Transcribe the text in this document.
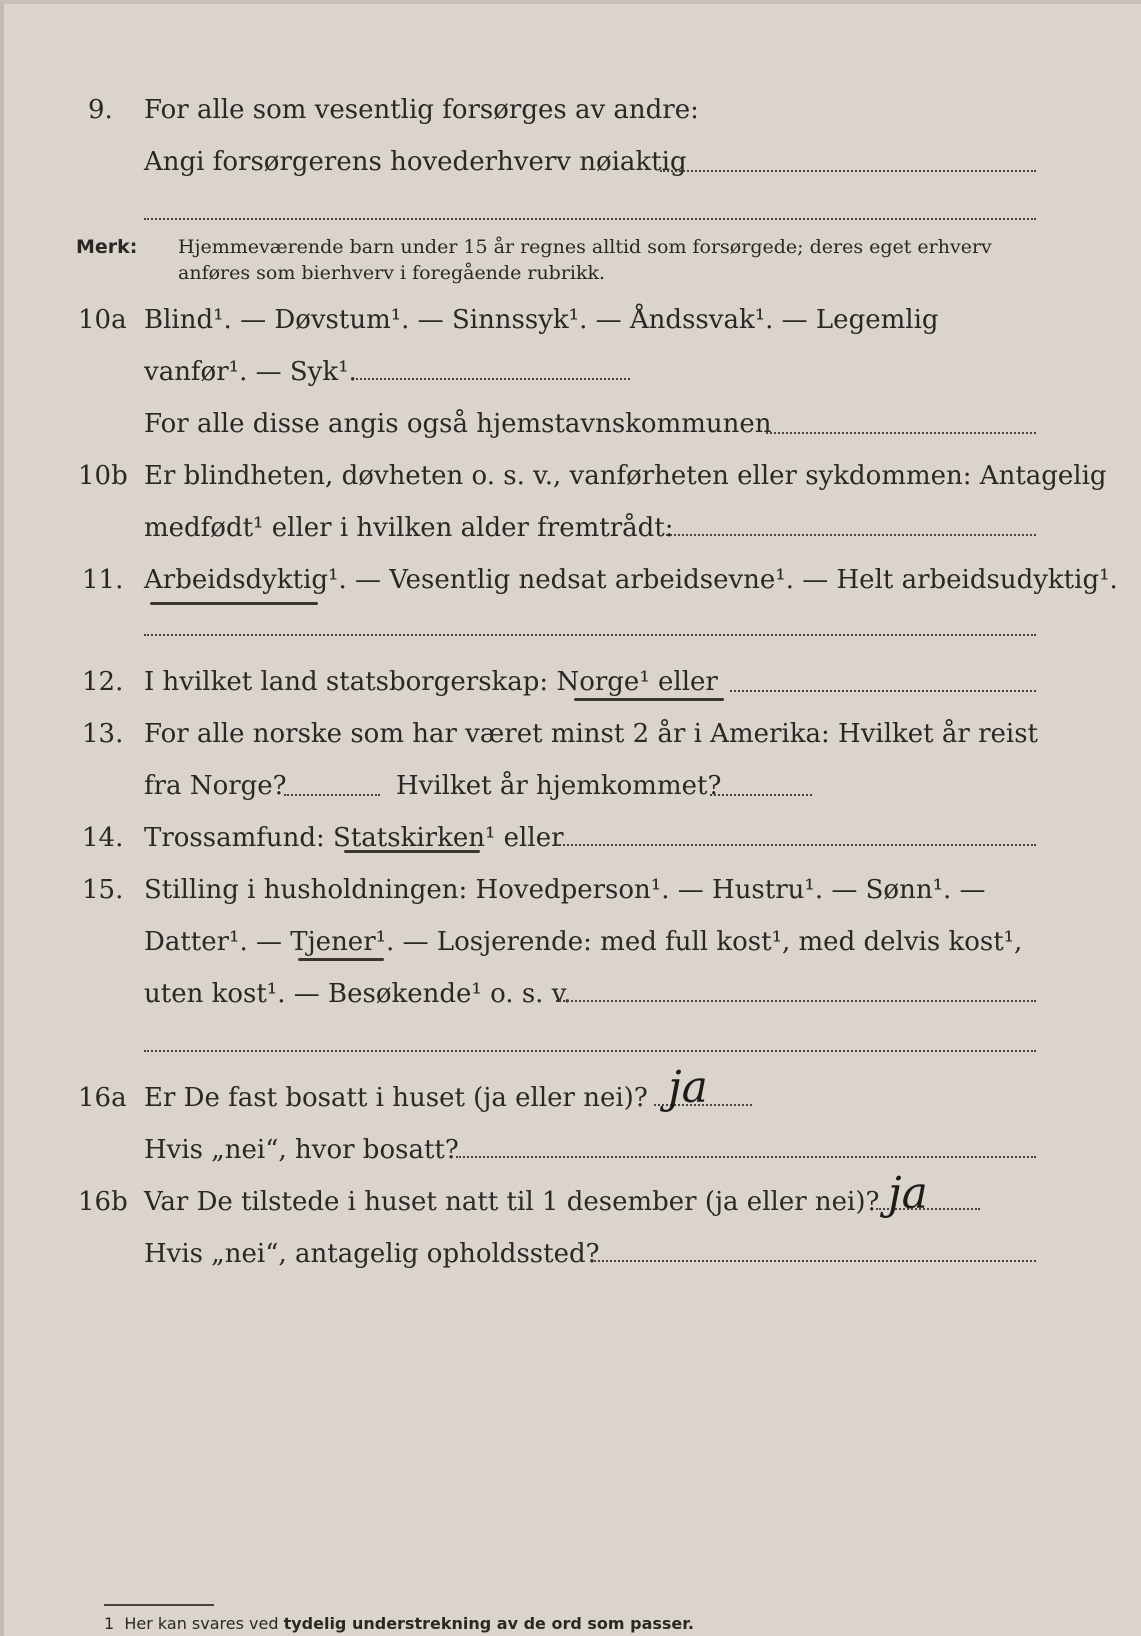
9. For alle som vesentlig forsørges av andre:
Angi forsørgerens hovederhverv nøiaktig
Merk: Hjemmeværende barn under 15 år regnes alltid som forsørgede; deres eget erhverv
anføres som bierhverv i foregående rubrikk.
10a Blind¹. — Døvstum¹. — Sinnssyk¹. — Åndssvak¹. — Legemlig
vanfør¹. — Syk¹.
For alle disse angis også hjemstavnskommunen
10b Er blindheten, døvheten o. s. v., vanførheten eller sykdommen: Antagelig
medfødt¹ eller i hvilken alder fremtrådt:
11. Arbeidsdyktig¹. — Vesentlig nedsat arbeidsevne¹. — Helt arbeidsudyktig¹.
12. I hvilket land statsborgerskap: Norge¹ eller
13. For alle norske som har været minst 2 år i Amerika: Hvilket år reist
fra Norge?	Hvilket år hjemkommet?
14. Trossamfund: Statskirken¹ eller
15. Stilling i husholdningen: Hovedperson¹. — Hustru¹. — Sønn¹. —
Datter¹. — Tjener¹. — Losjerende: med full kost¹, med delvis kost¹,
uten kost¹. — Besøkende¹ o. s. v.
16a Er De fast bosatt i huset (ja eller nei)? ja
Hvis „nei“, hvor bosatt?
16b Var De tilstede i huset natt til 1 desember (ja eller nei)? ja
Hvis „nei“, antagelig opholdssted?
1 Her kan svares ved tydelig understrekning av de ord som passer.
